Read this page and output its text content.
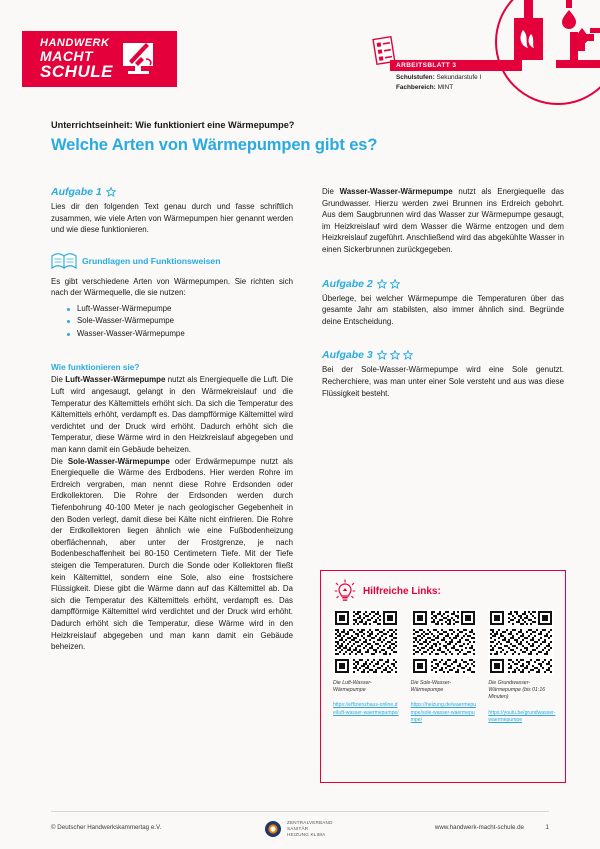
HANDWERK
MACHT
SCHULE	ARBEITSBLATT 3
Schulstufen: Sekundarstufe I
Fachbereich: MINT
Unterrichtseinheit: Wie funktioniert eine Wärmepumpe?
Welche Arten von Wärmepumpen gibt es?
Aufgabe 1

Lies dir den folgenden Text genau durch und fasse schriftlich zusammen, wie viele Arten von Wärmepumpen hier genannt werden und wie diese funktionieren.

Grundlagen und Funktionsweisen

Es gibt verschiedene Arten von Wärmepumpen. Sie richten sich nach der Wärmequelle, die sie nutzen:

Luft-Wasser-Wärmepumpe
Sole-Wasser-Wärmepumpe
Wasser-Wasser-Wärmepumpe
Wie funktionieren sie?

Die Luft-Wasser-Wärmepumpe nutzt als Energiequelle die Luft. Die Luft wird angesaugt, gelangt in den Wärmekreislauf und die Temperatur des Kältemittels erhöht sich. Da sich die Temperatur des Kältemittels erhöht, verdampft es. Das dampfförmige Kältemittel wird verdichtet und der Druck wird erhöht. Dadurch erhöht sich die Temperatur, diese Wärme wird in den Heizkreislauf abgegeben und man kann damit ein Gebäude beheizen.

Die Sole-Wasser-Wärmepumpe oder Erdwärmepumpe nutzt als Energiequelle die Wärme des Erdbodens. Hier werden Rohre im Erdreich vergraben, man nennt diese Rohre Erdsonden oder Erdkollektoren. Die Rohre der Erdsonden werden durch Tiefenbohrung 40-100 Meter je nach geologischer Gegebenheit in den Boden verlegt, damit diese bei Kälte nicht einfrieren. Die Rohre der Erdkollektoren liegen ähnlich wie eine Fußbodenheizung oberflächennah, aber unter der Frostgrenze, je nach Bodenbeschaffenheit bei 80-150 Centimetern Tiefe. Mit der Tiefe steigen die Temperaturen. Durch die Sonde oder Kollektoren fließt kein Kältemittel, sondern eine Sole, also eine frostsichere Flüssigkeit. Diese gibt die Wärme dann auf das Kältemittel ab. Da sich die Temperatur des Kältemittels erhöht, verdampft es. Das dampfförmige Kältemittel wird verdichtet und der Druck wird erhöht. Dadurch erhöht sich die Temperatur, diese Wärme wird in den Heizkreislauf abgegeben und man kann damit ein Gebäude beheizen.

Die Wasser-Wasser-Wärmepumpe nutzt als Energiequelle das Grundwasser. Hierzu werden zwei Brunnen ins Erdreich gebohrt. Aus dem Saugbrunnen wird das Wasser zur Wärmepumpe gesaugt, im Heizkreislauf wird dem Wasser die Wärme entzogen und dem Heizkreislauf zugeführt. Anschließend wird das abgekühlte Wasser in einen Sickerbrunnen zurückgegeben.

Aufgabe 2

Überlege, bei welcher Wärmepumpe die Temperaturen über das gesamte Jahr am stabilsten, also immer ähnlich sind. Begründe deine Entscheidung.

Aufgabe 3

Bei der Sole-Wasser-Wärmepumpe wird eine Sole genutzt. Recherchiere, was man unter einer Sole versteht und aus was diese Flüssigkeit besteht.

Hilfreiche Links:
Die Luft-Wasser-Wärmepumpe
https://effizienzhaus-online.de/luft-wasser-waermepumpe/
Die Sole-Wasser-Wärmepumpe
https://heizung.de/waermepumpe/sole-wasser-waermepumpe/
Die Grundwasser-Wärmepumpe (bis 01:16 Minuten)
https://youtu.be/grundwasser-waermepumpe
© Deutscher Handwerkskammertag e.V.
ZENTRALVERBAND
SANITÄR
HEIZUNG KLIMA
www.handwerk-macht-schule.de	1
